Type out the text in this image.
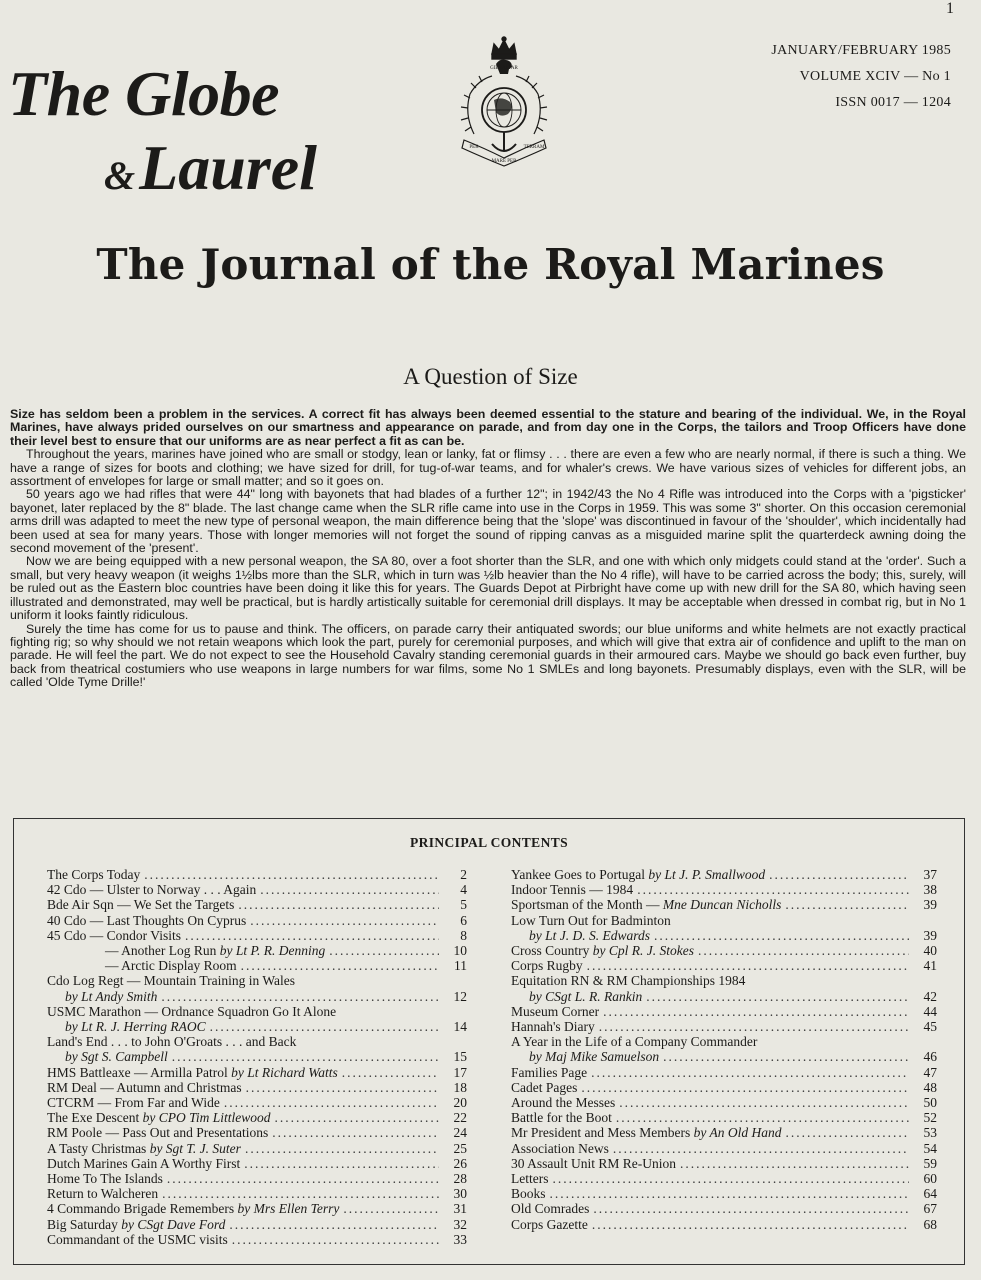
1
The Globe
&Laurel
GIBRALTAR
PER
MARE PER
TERRAM
JANUARY/FEBRUARY 1985
VOLUME XCIV — No 1
ISSN 0017 — 1204
The Journal of the Royal Marines
A Question of Size

Size has seldom been a problem in the services. A correct fit has always been deemed essential to the stature and bearing of the individual. We, in the Royal Marines, have always prided ourselves on our smartness and appearance on parade, and from day one in the Corps, the tailors and Troop Officers have done their level best to ensure that our uniforms are as near perfect a fit as can be.

Throughout the years, marines have joined who are small or stodgy, lean or lanky, fat or flimsy . . . there are even a few who are nearly normal, if there is such a thing. We have a range of sizes for boots and clothing; we have sized for drill, for tug-of-war teams, and for whaler's crews. We have various sizes of vehicles for different jobs, an assortment of envelopes for large or small matter; and so it goes on.

50 years ago we had rifles that were 44" long with bayonets that had blades of a further 12"; in 1942/43 the No 4 Rifle was introduced into the Corps with a 'pigsticker' bayonet, later replaced by the 8" blade. The last change came when the SLR rifle came into use in the Corps in 1959. This was some 3" shorter. On this occasion ceremonial arms drill was adapted to meet the new type of personal weapon, the main difference being that the 'slope' was discontinued in favour of the 'shoulder', which incidentally had been used at sea for many years. Those with longer memories will not forget the sound of ripping canvas as a misguided marine split the quarterdeck awning doing the second movement of the 'present'.

Now we are being equipped with a new personal weapon, the SA 80, over a foot shorter than the SLR, and one with which only midgets could stand at the 'order'. Such a small, but very heavy weapon (it weighs 1½lbs more than the SLR, which in turn was ½lb heavier than the No 4 rifle), will have to be carried across the body; this, surely, will be ruled out as the Eastern bloc countries have been doing it like this for years. The Guards Depot at Pirbright have come up with new drill for the SA 80, which having seen illustrated and demonstrated, may well be practical, but is hardly artistically suitable for ceremonial drill displays. It may be acceptable when dressed in combat rig, but in No 1 uniform it looks faintly ridiculous.

Surely the time has come for us to pause and think. The officers, on parade carry their antiquated swords; our blue uniforms and white helmets are not exactly practical fighting rig; so why should we not retain weapons which look the part, purely for ceremonial purposes, and which will give that extra air of confidence and uplift to the man on parade. He will feel the part. We do not expect to see the Household Cavalry standing ceremonial guards in their armoured cars. Maybe we should go back even further, buy back from theatrical costumiers who use weapons in large numbers for war films, some No 1 SMLEs and long bayonets. Presumably displays, even with the SLR, will be called 'Olde Tyme Drille!'

PRINCIPAL CONTENTS
The Corps Today .....	2
42 Cdo — Ulster to Norway . . . Again .....	4
Bde Air Sqn — We Set the Targets .....	5
40 Cdo — Last Thoughts On Cyprus .....	6
45 Cdo — Condor Visits .....	8
— Another Log Run by Lt P. R. Denning .....	10
— Arctic Display Room .....	11
Cdo Log Regt — Mountain Training in Wales
by Lt Andy Smith .....	12
USMC Marathon — Ordnance Squadron Go It Alone
by Lt R. J. Herring RAOC .....	14
Land's End . . . to John O'Groats . . . and Back
by Sgt S. Campbell .....	15
HMS Battleaxe — Armilla Patrol by Lt Richard Watts .....	17
RM Deal — Autumn and Christmas .....	18
CTCRM — From Far and Wide .....	20
The Exe Descent by CPO Tim Littlewood .....	22
RM Poole — Pass Out and Presentations .....	24
A Tasty Christmas by Sgt T. J. Suter .....	25
Dutch Marines Gain A Worthy First .....	26
Home To The Islands .....	28
Return to Walcheren .....	30
4 Commando Brigade Remembers by Mrs Ellen Terry .....	31
Big Saturday by CSgt Dave Ford .....	32
Commandant of the USMC visits .....	33
Yankee Goes to Portugal by Lt J. P. Smallwood .....	37
Indoor Tennis — 1984 .....	38
Sportsman of the Month — Mne Duncan Nicholls .....	39
Low Turn Out for Badminton
by Lt J. D. S. Edwards .....	39
Cross Country by Cpl R. J. Stokes .....	40
Corps Rugby .....	41
Equitation RN & RM Championships 1984
by CSgt L. R. Rankin .....	42
Museum Corner .....	44
Hannah's Diary .....	45
A Year in the Life of a Company Commander
by Maj Mike Samuelson .....	46
Families Page .....	47
Cadet Pages .....	48
Around the Messes .....	50
Battle for the Boot .....	52
Mr President and Mess Members by An Old Hand .....	53
Association News .....	54
30 Assault Unit RM Re-Union .....	59
Letters .....	60
Books .....	64
Old Comrades .....	67
Corps Gazette .....	68
